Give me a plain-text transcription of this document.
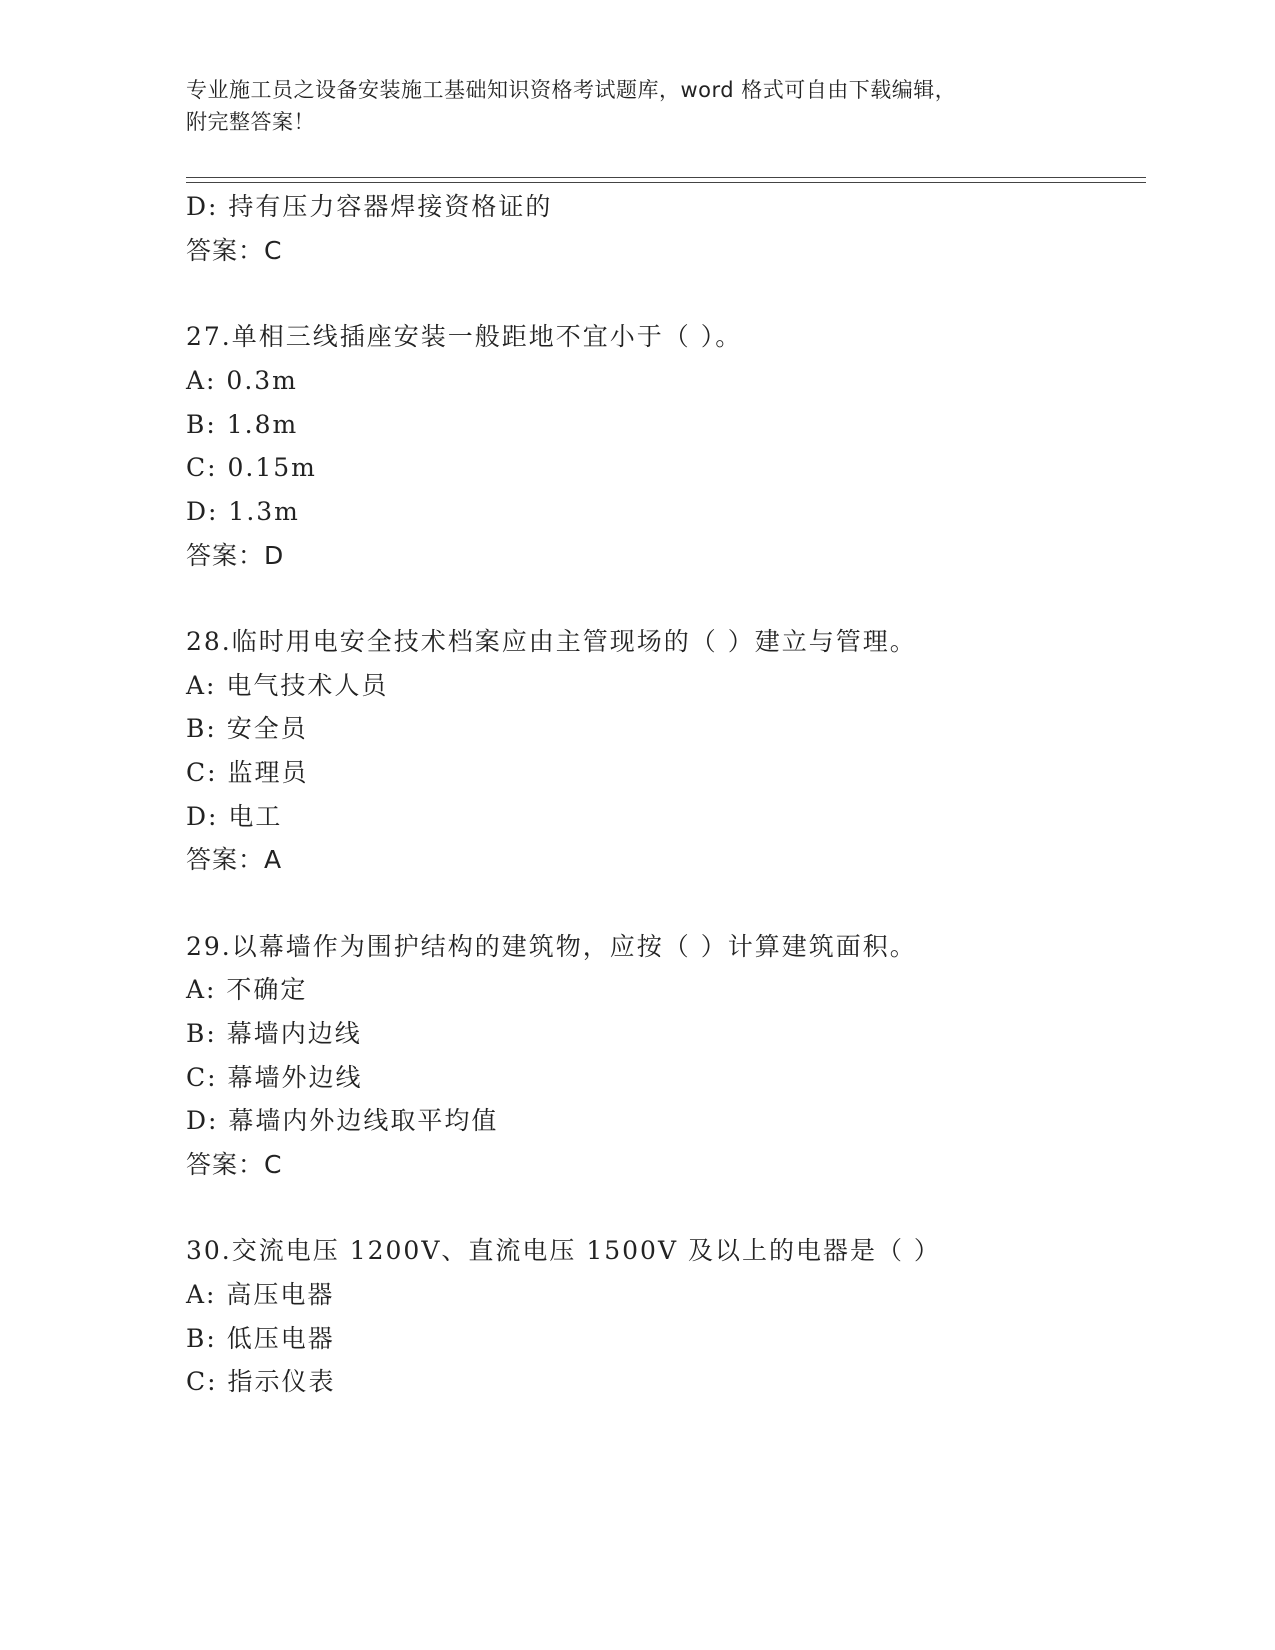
专业施工员之设备安装施工基础知识资格考试题库，word 格式可自由下载编辑，
附完整答案！
D: 持有压力容器焊接资格证的
答案：C
27.单相三线插座安装一般距地不宜小于（ ）。
A: 0.3m
B: 1.8m
C: 0.15m
D: 1.3m
答案：D
28.临时用电安全技术档案应由主管现场的（ ）建立与管理。
A: 电气技术人员
B: 安全员
C: 监理员
D: 电工
答案：A
29.以幕墙作为围护结构的建筑物，应按（ ）计算建筑面积。
A: 不确定
B: 幕墙内边线
C: 幕墙外边线
D: 幕墙内外边线取平均值
答案：C
30.交流电压 1200V、直流电压 1500V 及以上的电器是（ ）
A: 高压电器
B: 低压电器
C: 指示仪表
